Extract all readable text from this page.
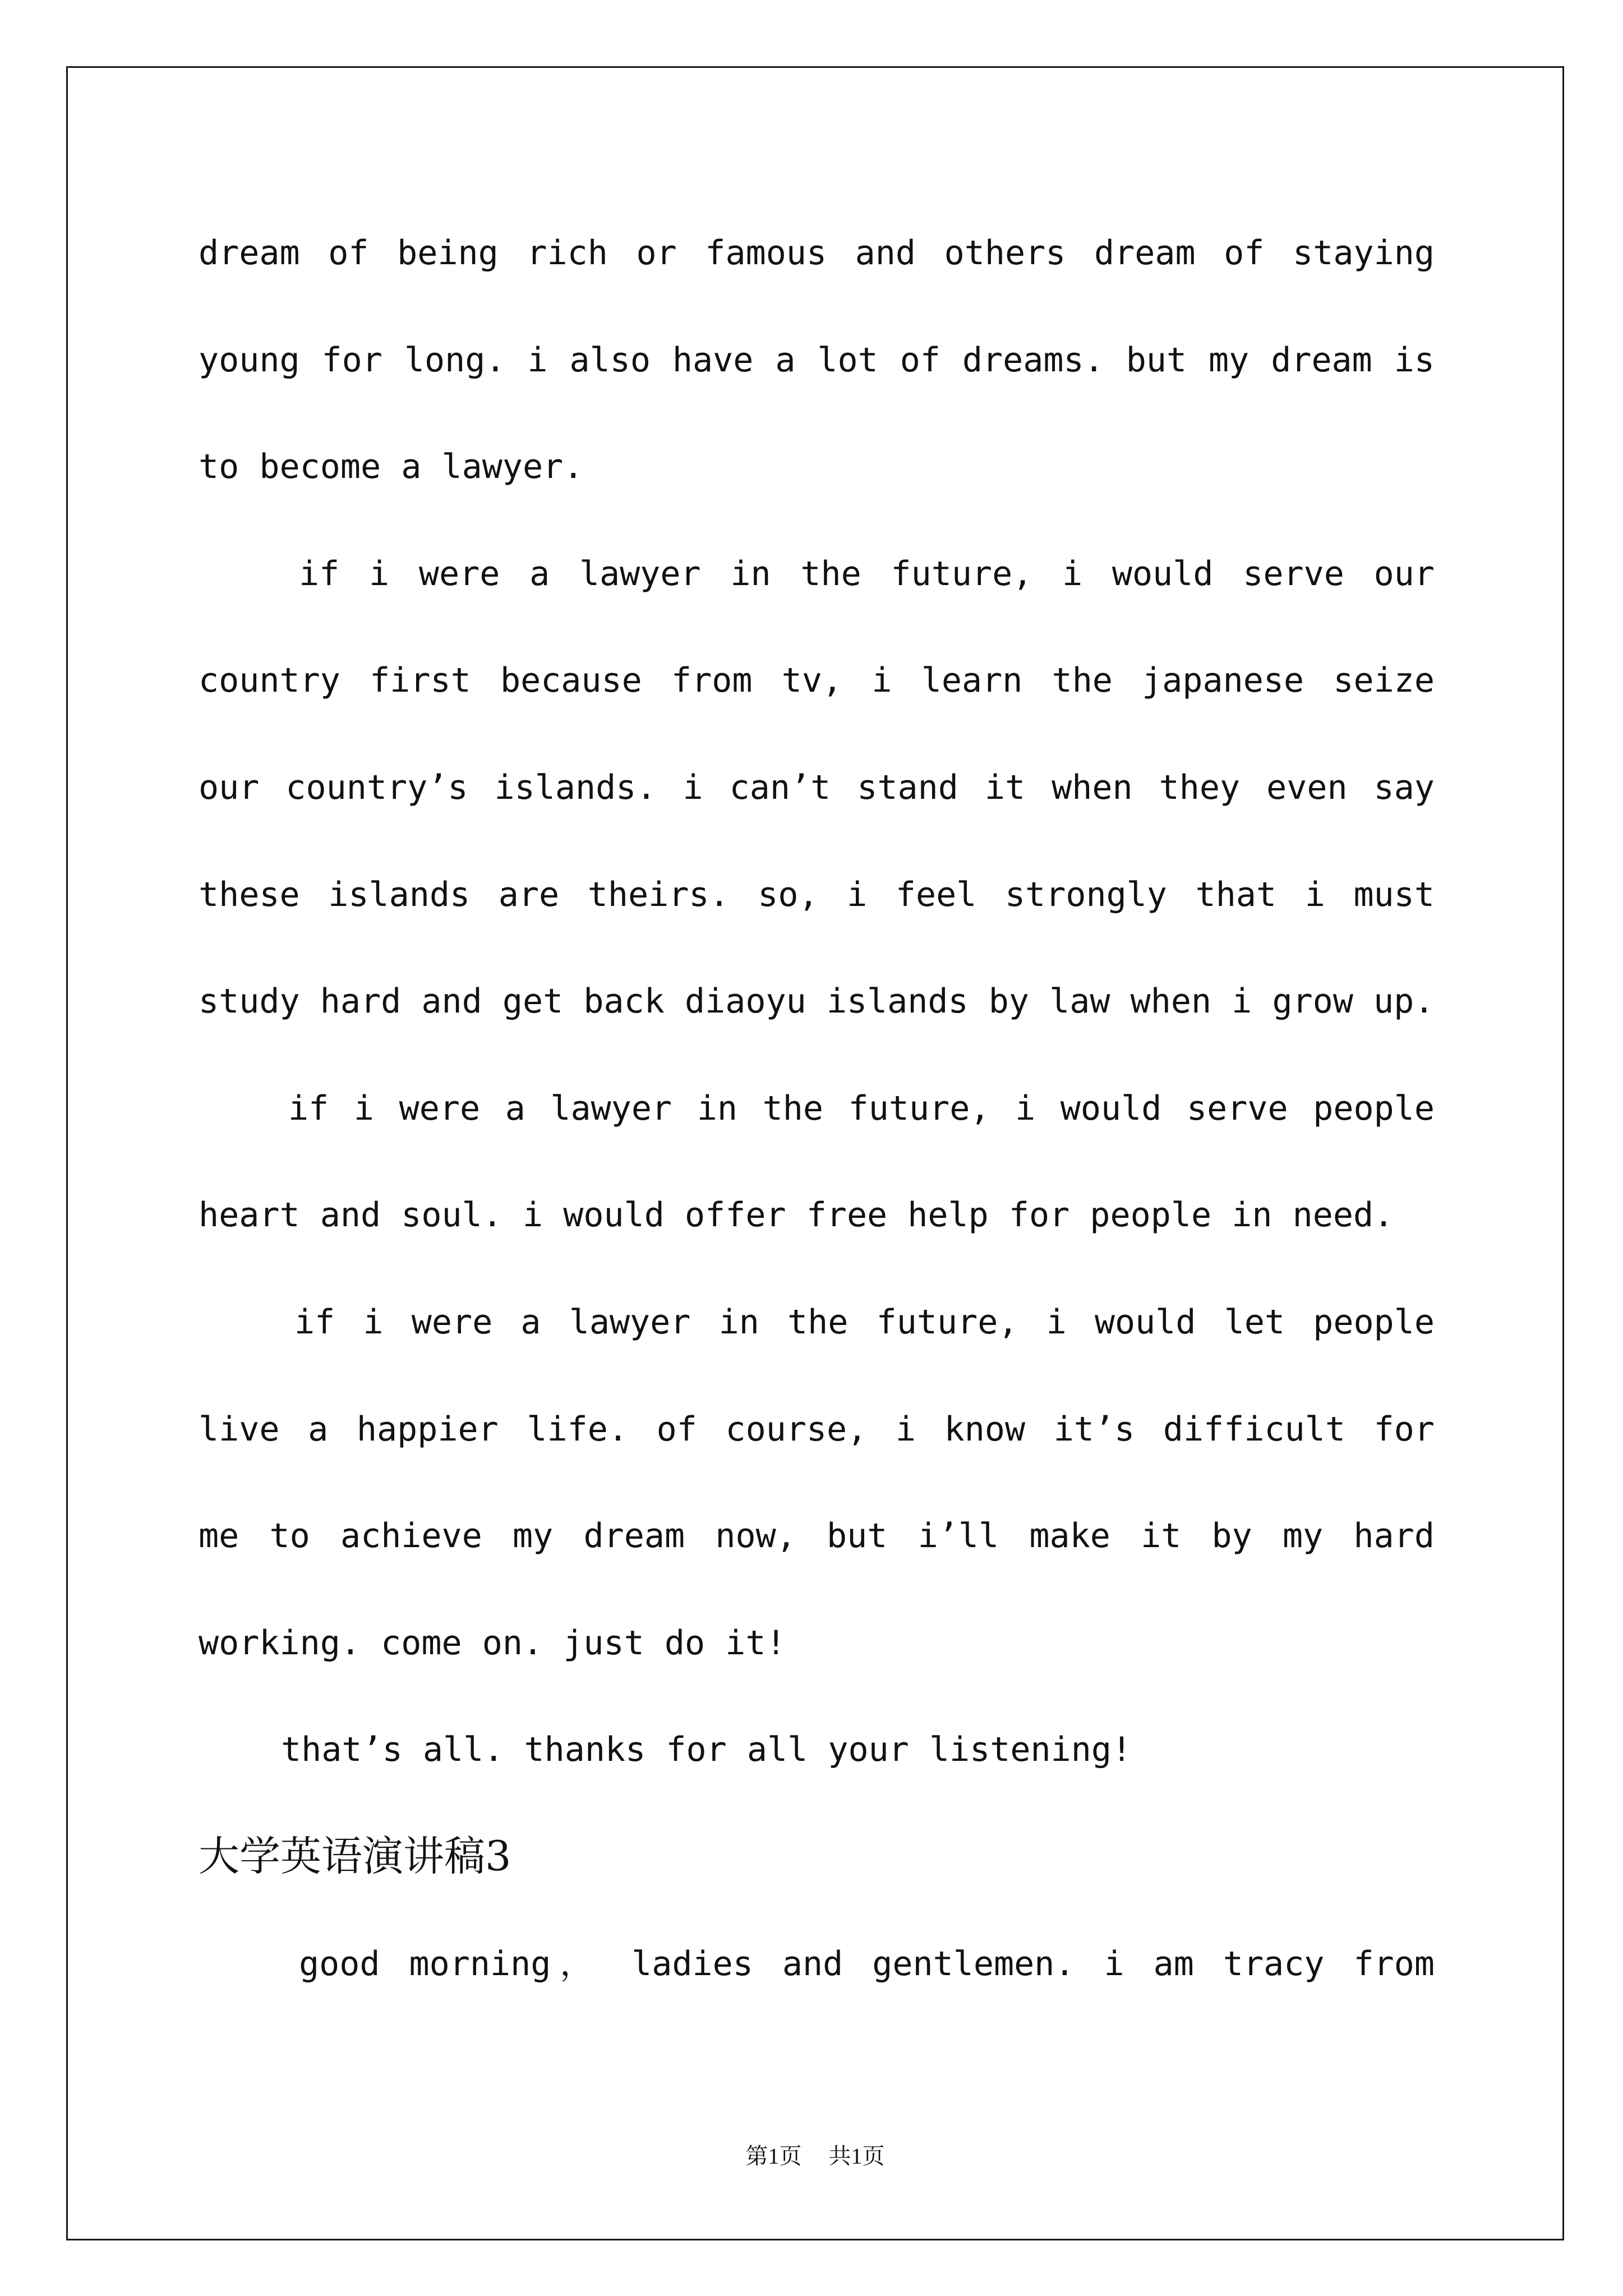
dream of being rich or famous and others dream of staying
young for long. i also have a lot of dreams. but my dream is
to become a lawyer.
if i were a lawyer in the future, i would serve our
country first because from tv, i learn the japanese seize
our country’s islands. i can’t stand it when they even say
these islands are theirs. so, i feel strongly that i must
study hard and get back diaoyu islands by law when i grow up.
if i were a lawyer in the future, i would serve people
heart and soul. i would offer free help for people in need.
if i were a lawyer in the future, i would let people
live a happier life. of course, i know it’s difficult for
me to achieve my dream now, but i’ll make it by my hard
working. come on. just do it!
that’s all. thanks for all your listening!
大学英语演讲稿3
good morning， ladies and gentlemen. i am tracy from
第1页 共1页
